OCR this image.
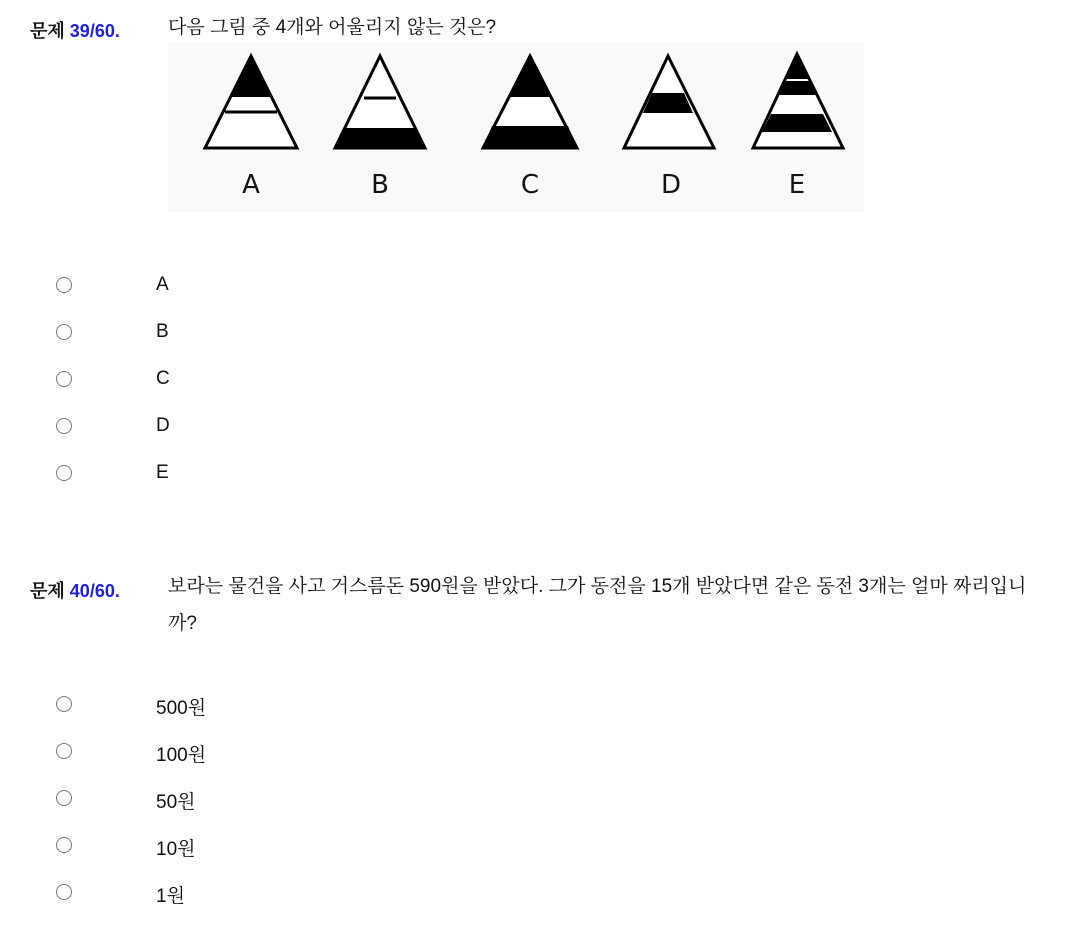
문제 39/60.	다음 그림 중 4개와 어울리지 않는 것은?
A	B	C	D	E
A
B
C
D
E
문제 40/60.	보라는 물건을 사고 거스름돈 590원을 받았다. 그가 동전을 15개 받았다면 같은 동전 3개는 얼마 짜리입니
까?
500원
100원
50원
10원
1원
